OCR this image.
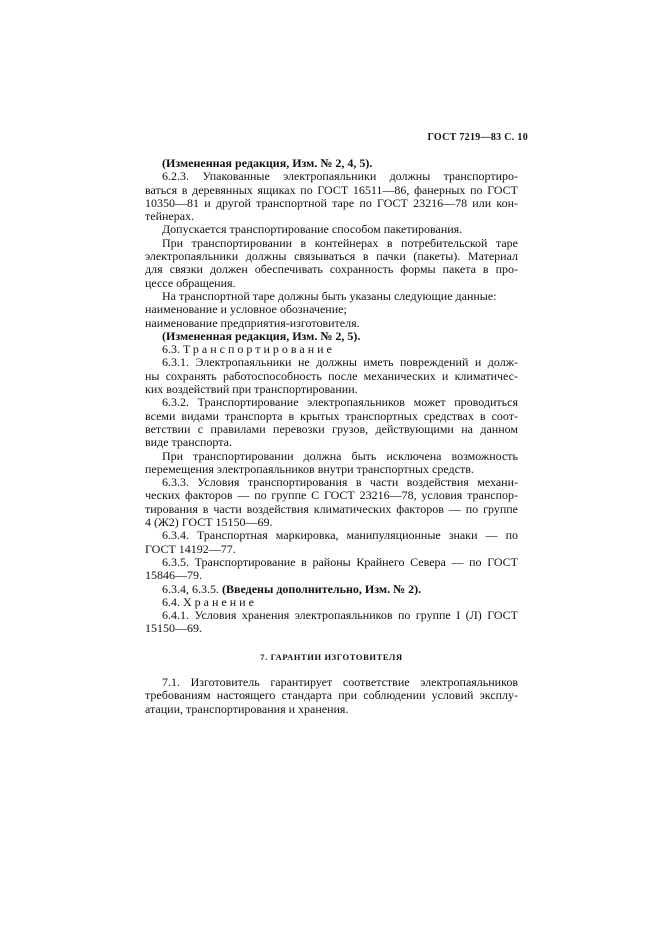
ГОСТ 7219—83 С. 10
(Измененная редакция, Изм. № 2, 4, 5).
6.2.3. Упакованные электропаяльники должны транспортиро-
ваться в деревянных ящиках по ГОСТ 16511—86, фанерных по ГОСТ
10350—81 и другой транспортной таре по ГОСТ 23216—78 или кон-
тейнерах.
Допускается транспортирование способом пакетирования.
При транспортировании в контейнерах в потребительской таре
электропаяльники должны связываться в пачки (пакеты). Материал
для связки должен обеспечивать сохранность формы пакета в про-
цессе обращения.
На транспортной таре должны быть указаны следующие данные:
наименование и условное обозначение;
наименование предприятия-изготовителя.
(Измененная редакция, Изм. № 2, 5).
6.3. Транспортирование
6.3.1. Электропаяльники не должны иметь повреждений и долж-
ны сохранять работоспособность после механических и климатичес-
ких воздействий при транспортировании.
6.3.2. Транспортирование электропаяльников может проводиться
всеми видами транспорта в крытых транспортных средствах в соот-
ветствии с правилами перевозки грузов, действующими на данном
виде транспорта.
При транспортировании должна быть исключена возможность
перемещения электропаяльников внутри транспортных средств.
6.3.3. Условия транспортирования в части воздействия механи-
ческих факторов — по группе С ГОСТ 23216—78, условия транспор-
тирования в части воздействия климатических факторов — по группе
4 (Ж2) ГОСТ 15150—69.
6.3.4. Транспортная маркировка, манипуляционные знаки — по
ГОСТ 14192—77.
6.3.5. Транспортирование в районы Крайнего Севера — по ГОСТ
15846—79.
6.3.4, 6.3.5. (Введены дополнительно, Изм. № 2).
6.4. Хранение
6.4.1. Условия хранения электропаяльников по группе I (Л) ГОСТ
15150—69.
7. ГАРАНТИИ ИЗГОТОВИТЕЛЯ
7.1. Изготовитель гарантирует соответствие электропаяльников
требованиям настоящего стандарта при соблюдении условий эксплу-
атации, транспортирования и хранения.
